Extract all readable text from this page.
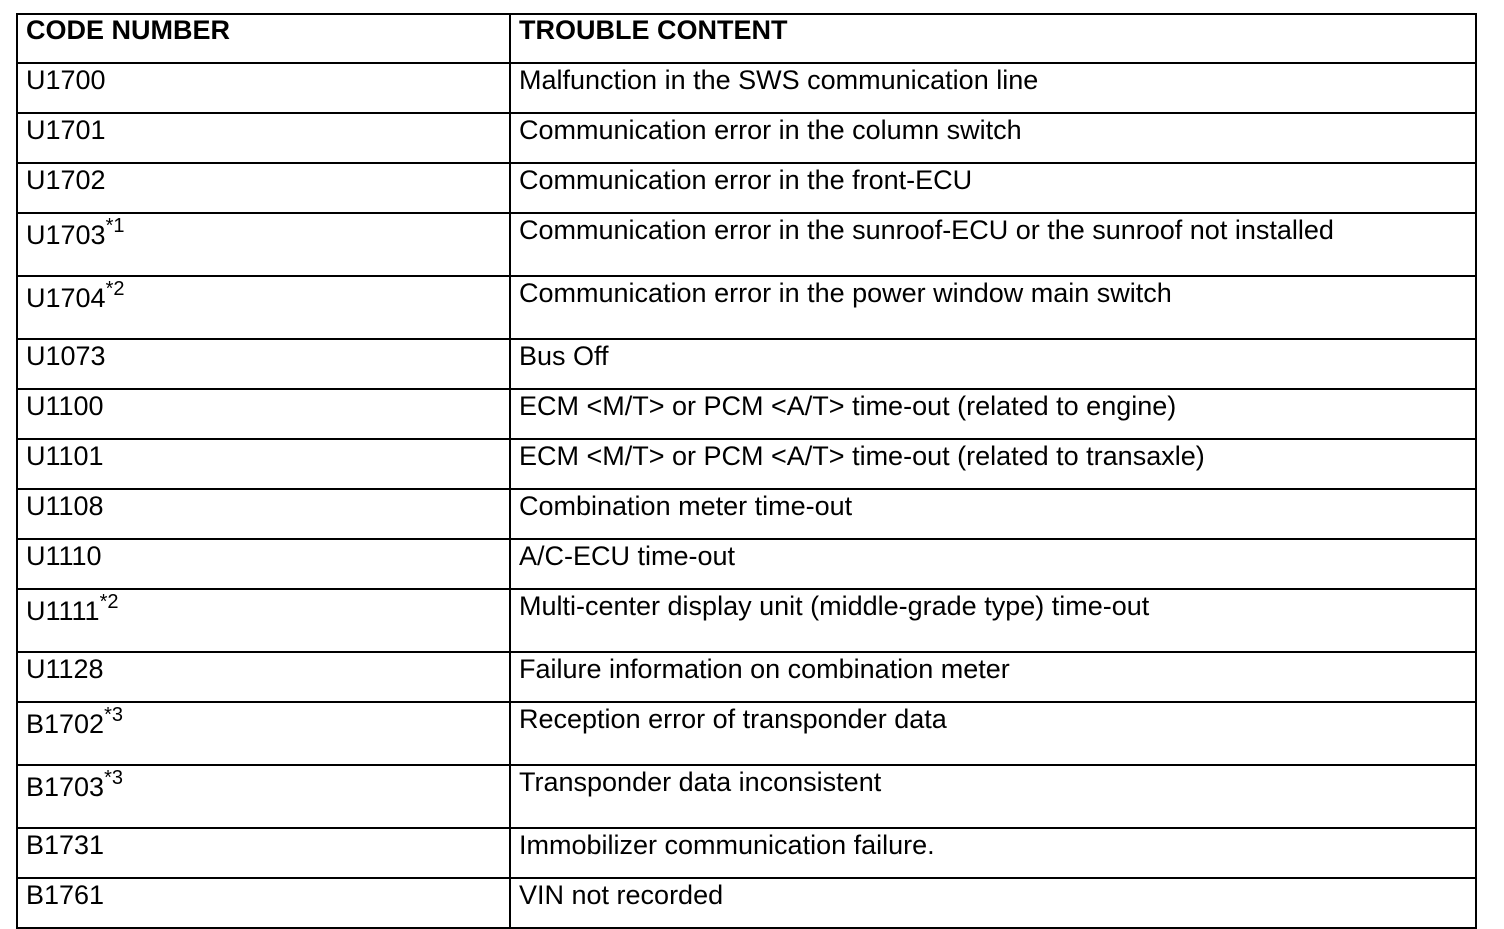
CODE NUMBER	TROUBLE CONTENT
U1700	Malfunction in the SWS communication line
U1701	Communication error in the column switch
U1702	Communication error in the front-ECU
U1703$^{*1}$	Communication error in the sunroof-ECU or the sunroof not installed
U1704$^{*2}$	Communication error in the power window main switch
U1073	Bus Off
U1100	ECM <M/T> or PCM <A/T> time-out (related to engine)
U1101	ECM <M/T> or PCM <A/T> time-out (related to transaxle)
U1108	Combination meter time-out
U1110	A/C-ECU time-out
U1111$^{*2}$	Multi-center display unit (middle-grade type) time-out
U1128	Failure information on combination meter
B1702$^{*3}$	Reception error of transponder data
B1703$^{*3}$	Transponder data inconsistent
B1731	Immobilizer communication failure.
B1761	VIN not recorded
